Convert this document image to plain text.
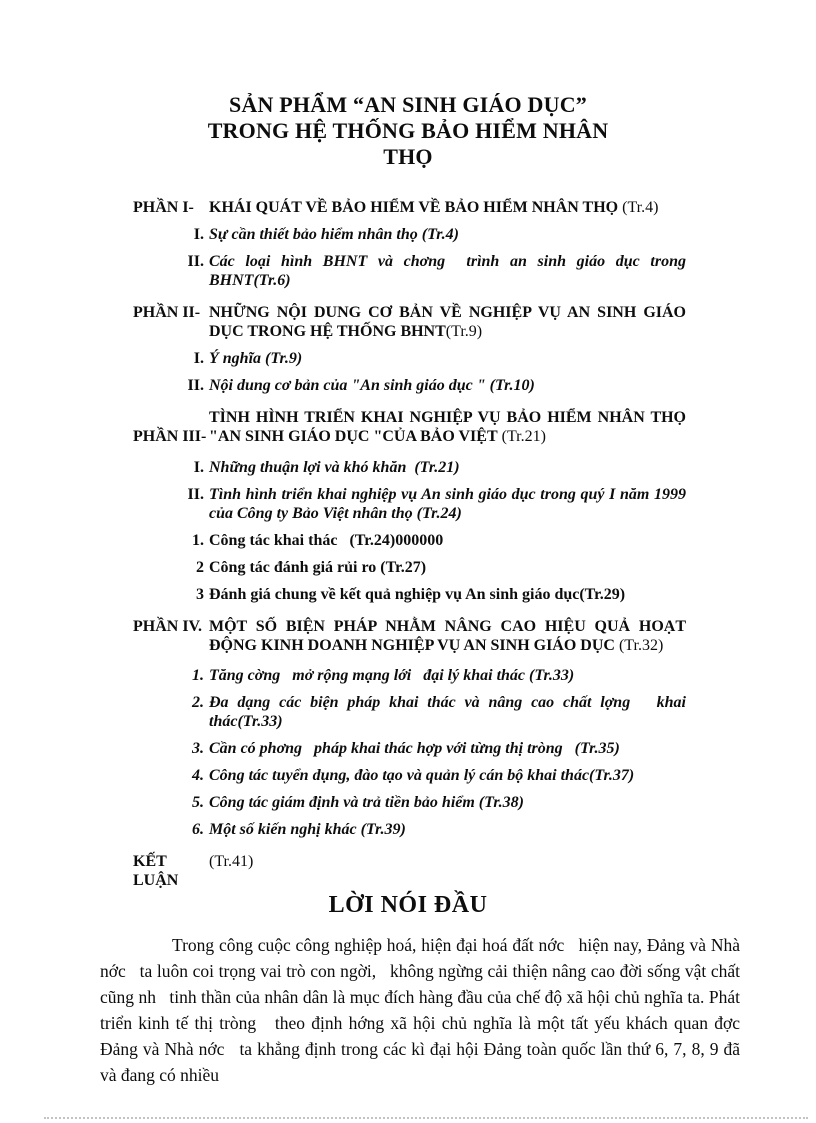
SẢN PHẨM “AN SINH GIÁO DỤC”
TRONG HỆ THỐNG BẢO HIỂM NHÂN
THỌ
PHẦN I- KHÁI QUÁT VỀ BẢO HIỂM VỀ BẢO HIỂM NHÂN THỌ (Tr.4)
I. Sự cần thiết bảo hiểm nhân thọ (Tr.4)
II. Các loại hình BHNT và chơng  trình an sinh giáo dục trong BHNT(Tr.6)
PHẦN II- NHỮNG NỘI DUNG CƠ BẢN VỀ NGHIỆP VỤ AN SINH GIÁO DỤC TRONG HỆ THỐNG BHNT(Tr.9)
I. Ý nghĩa (Tr.9)
II. Nội dung cơ bản của "An sinh giáo dục " (Tr.10)
PHẦN III-
TÌNH HÌNH TRIỂN KHAI NGHIỆP VỤ BẢO HIỂM NHÂN THỌ "AN SINH GIÁO DỤC "CỦA BẢO VIỆT (Tr.21)
I. Những thuận lợi và khó khăn  (Tr.21)
II. Tình hình triển khai nghiệp vụ An sinh giáo dục trong quý I năm 1999 của Công ty Bảo Việt nhân thọ (Tr.24)
1. Công tác khai thác   (Tr.24)000000
2 Công tác đánh giá rủi ro (Tr.27)
3 Đánh giá chung về kết quả nghiệp vụ An sinh giáo dục(Tr.29)
PHẦN IV. MỘT SỐ BIỆN PHÁP NHẰM NÂNG CAO HIỆU QUẢ HOẠT ĐỘNG KINH DOANH NGHIỆP VỤ AN SINH GIÁO DỤC (Tr.32)
1. Tăng cờng   mở rộng mạng lới   đại lý khai thác (Tr.33)
2. Đa dạng các biện pháp khai thác và nâng cao chất lợng   khai thác(Tr.33)
3. Cần có phơng   pháp khai thác hợp với từng thị tròng   (Tr.35)
4. Công tác tuyển dụng, đào tạo và quản lý cán bộ khai thác(Tr.37)
5. Công tác giám định và trả tiền bảo hiểm (Tr.38)
6. Một số kiến nghị khác (Tr.39)
KẾT LUẬN
(Tr.41)
LỜI NÓI ĐẦU
Trong công cuộc công nghiệp hoá, hiện đại hoá đất nớc   hiện nay, Đảng và Nhà nớc   ta luôn coi trọng vai trò con ngời,   không ngừng cải thiện nâng cao đời sống vật chất cũng nh   tinh thần của nhân dân là mục đích hàng đầu của chế độ xã hội chủ nghĩa ta. Phát triển kinh tế thị tròng   theo định hớng xã hội chủ nghĩa là một tất yếu khách quan đợc   Đảng và Nhà nớc   ta khẳng định trong các kì đại hội Đảng toàn quốc lần thứ 6, 7, 8, 9 đã và đang có nhiều
